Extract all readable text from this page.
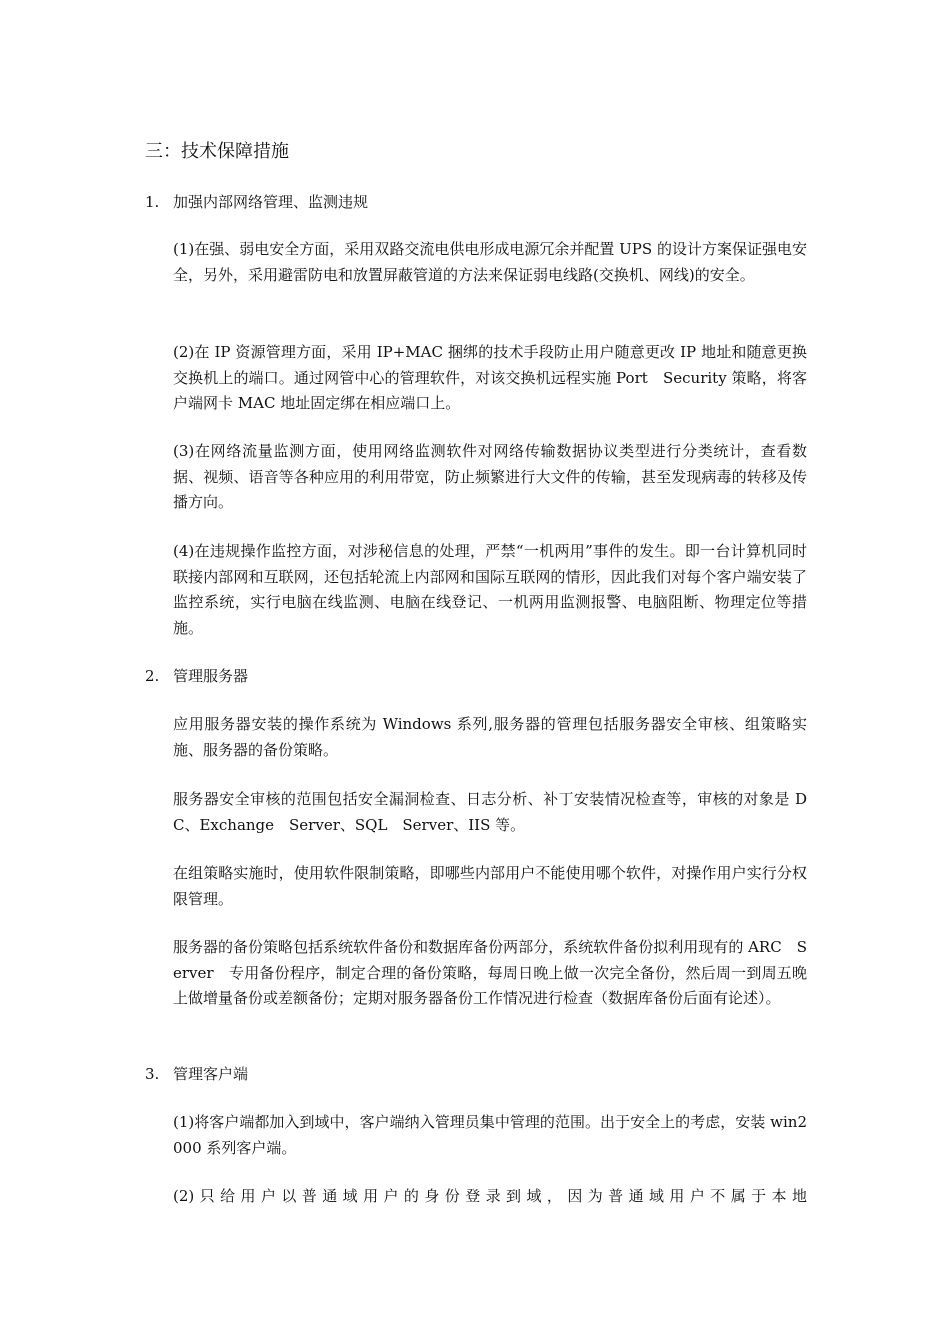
三：技术保障措施
1. 加强内部网络管理、监测违规
(1)在强、弱电安全方面，采用双路交流电供电形成电源冗余并配置 UPS 的设计方案保证强电安全，另外，采用避雷防电和放置屏蔽管道的方法来保证弱电线路(交换机、网线)的安全。
(2)在 IP 资源管理方面，采用 IP+MAC 捆绑的技术手段防止用户随意更改 IP 地址和随意更换交换机上的端口。通过网管中心的管理软件，对该交换机远程实施 Port　Security 策略，将客户端网卡 MAC 地址固定绑在相应端口上。
(3)在网络流量监测方面，使用网络监测软件对网络传输数据协议类型进行分类统计，查看数据、视频、语音等各种应用的利用带宽，防止频繁进行大文件的传输，甚至发现病毒的转移及传播方向。
(4)在违规操作监控方面，对涉秘信息的处理，严禁“一机两用”事件的发生。即一台计算机同时联接内部网和互联网，还包括轮流上内部网和国际互联网的情形，因此我们对每个客户端安装了监控系统，实行电脑在线监测、电脑在线登记、一机两用监测报警、电脑阻断、物理定位等措施。
2. 管理服务器
应用服务器安装的操作系统为 Windows 系列,服务器的管理包括服务器安全审核、组策略实施、服务器的备份策略。
服务器安全审核的范围包括安全漏洞检查、日志分析、补丁安装情况检查等，审核的对象是 DC、Exchange　Server、SQL　Server、IIS 等。
在组策略实施时，使用软件限制策略，即哪些内部用户不能使用哪个软件，对操作用户实行分权限管理。
服务器的备份策略包括系统软件备份和数据库备份两部分，系统软件备份拟利用现有的 ARC　Server　专用备份程序，制定合理的备份策略，每周日晚上做一次完全备份，然后周一到周五晚上做增量备份或差额备份；定期对服务器备份工作情况进行检查（数据库备份后面有论述）。
3. 管理客户端
(1)将客户端都加入到域中，客户端纳入管理员集中管理的范围。出于安全上的考虑，安装 win2000 系列客户端。
(2)只给用户以普通域用户的身份登录到域，因为普通域用户不属于本地
